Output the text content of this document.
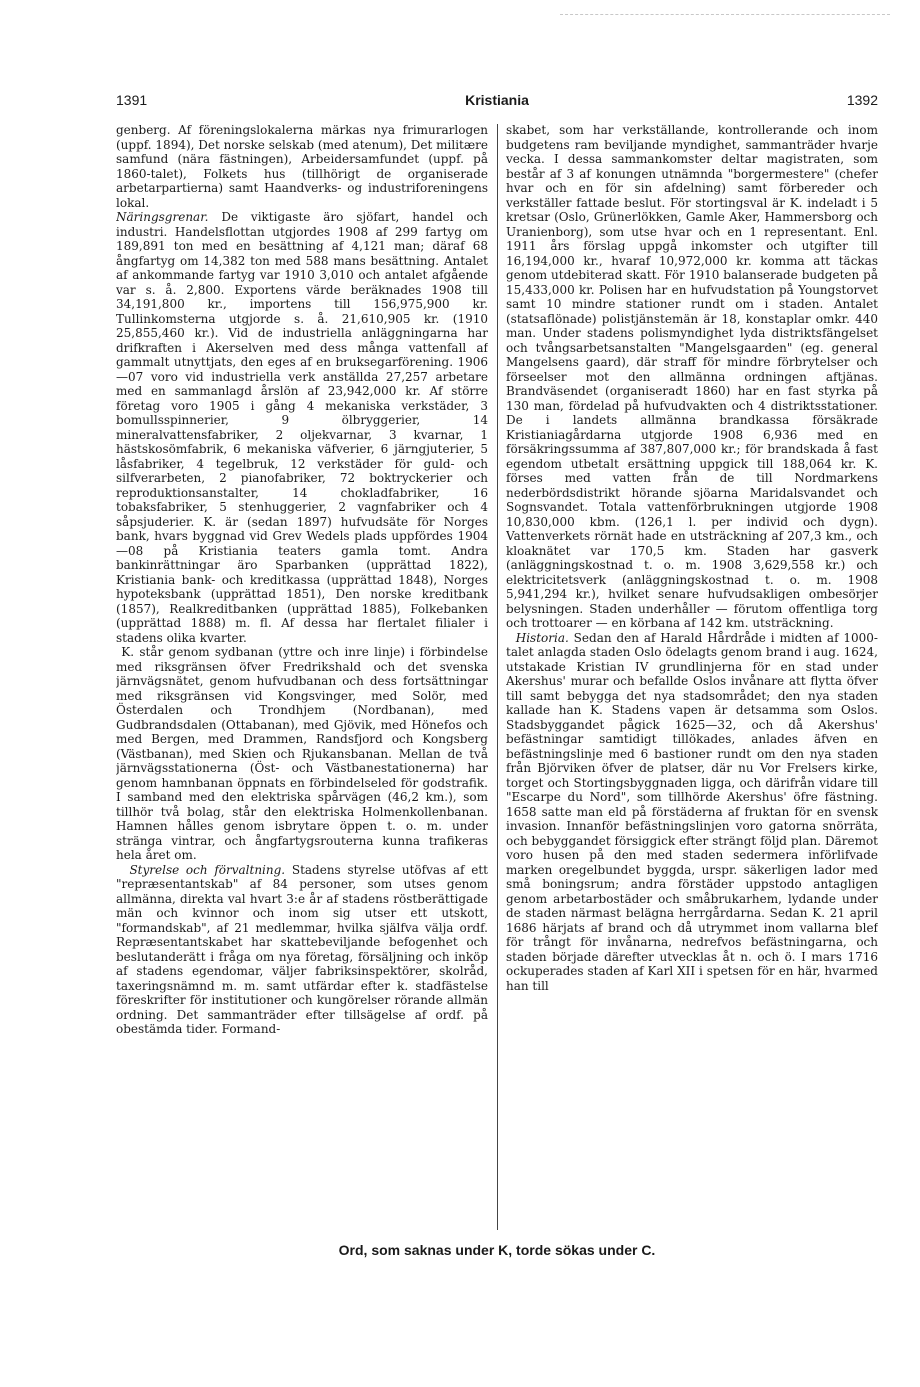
1391	Kristiania	1392

genberg. Af föreningslokalerna märkas nya frimurarlogen (uppf. 1894), Det norske selskab (med atenum), Det militære samfund (nära fästningen), Arbeidersamfundet (uppf. på 1860-talet), Folkets hus (tillhörigt de organiserade arbetarpartierna) samt Haandverks- og industriforeningens lokal.

Näringsgrenar. De viktigaste äro sjöfart, handel och industri. Handelsflottan utgjordes 1908 af 299 fartyg om 189,891 ton med en besättning af 4,121 man; däraf 68 ångfartyg om 14,382 ton med 588 mans besättning. Antalet af ankommande fartyg var 1910 3,010 och antalet afgående var s. å. 2,800. Exportens värde beräknades 1908 till 34,191,800 kr., importens till 156,975,900 kr. Tullinkomsterna utgjorde s. å. 21,610,905 kr. (1910 25,855,460 kr.). Vid de industriella anläggningarna har drifkraften i Akerselven med dess många vattenfall af gammalt utnyttjats, den eges af en bruksegarförening. 1906—07 voro vid industriella verk anställda 27,257 arbetare med en sammanlagd årslön af 23,942,000 kr. Af större företag voro 1905 i gång 4 mekaniska verkstäder, 3 bomullsspinnerier, 9 ölbryggerier, 14 mineralvattensfabriker, 2 oljekvarnar, 3 kvarnar, 1 hästskosömfabrik, 6 mekaniska väfverier, 6 järngjuterier, 5 låsfabriker, 4 tegelbruk, 12 verkstäder för guld- och silfverarbeten, 2 pianofabriker, 72 boktryckerier och reproduktionsanstalter, 14 chokladfabriker, 16 tobaksfabriker, 5 stenhuggerier, 2 vagnfabriker och 4 såpsjuderier. K. är (sedan 1897) hufvudsäte för Norges bank, hvars byggnad vid Grev Wedels plads uppfördes 1904—08 på Kristiania teaters gamla tomt. Andra bankinrättningar äro Sparbanken (upprättad 1822), Kristiania bank- och kreditkassa (upprättad 1848), Norges hypoteksbank (upprättad 1851), Den norske kreditbank (1857), Realkreditbanken (upprättad 1885), Folkebanken (upprättad 1888) m. fl. Af dessa har flertalet filialer i stadens olika kvarter.

K. står genom sydbanan (yttre och inre linje) i förbindelse med riksgränsen öfver Fredrikshald och det svenska järnvägsnätet, genom hufvudbanan och dess fortsättningar med riksgränsen vid Kongsvinger, med Solör, med Österdalen och Trondhjem (Nordbanan), med Gudbrandsdalen (Ottabanan), med Gjövik, med Hönefos och med Bergen, med Drammen, Randsfjord och Kongsberg (Västbanan), med Skien och Rjukansbanan. Mellan de två järnvägsstationerna (Öst- och Västbanestationerna) har genom hamnbanan öppnats en förbindelseled för godstrafik. I samband med den elektriska spårvägen (46,2 km.), som tillhör två bolag, står den elektriska Holmenkollenbanan. Hamnen hålles genom isbrytare öppen t. o. m. under stränga vintrar, och ångfartygsrouterna kunna trafikeras hela året om.

Styrelse och förvaltning. Stadens styrelse utöfvas af ett "repræsentantskab" af 84 personer, som utses genom allmänna, direkta val hvart 3:e år af stadens röstberättigade män och kvinnor och inom sig utser ett utskott, "formandskab", af 21 medlemmar, hvilka själfva välja ordf. Repræsentantskabet har skattebeviljande befogenhet och beslutanderätt i fråga om nya företag, försäljning och inköp af stadens egendomar, väljer fabriksinspektörer, skolråd, taxeringsnämnd m. m. samt utfärdar efter k. stadfästelse föreskrifter för institutioner och kungörelser rörande allmän ordning. Det sammanträder efter tillsägelse af ordf. på obestämda tider. Formand-

skabet, som har verkställande, kontrollerande och inom budgetens ram beviljande myndighet, sammanträder hvarje vecka. I dessa sammankomster deltar magistraten, som består af 3 af konungen utnämnda "borgermestere" (chefer hvar och en för sin afdelning) samt förbereder och verkställer fattade beslut. För stortingsval är K. indeladt i 5 kretsar (Oslo, Grünerlökken, Gamle Aker, Hammersborg och Uranienborg), som utse hvar och en 1 representant. Enl. 1911 års förslag uppgå inkomster och utgifter till 16,194,000 kr., hvaraf 10,972,000 kr. komma att täckas genom utdebiterad skatt. För 1910 balanserade budgeten på 15,433,000 kr. Polisen har en hufvudstation på Youngstorvet samt 10 mindre stationer rundt om i staden. Antalet (statsaflönade) polistjänstemän är 18, konstaplar omkr. 440 man. Under stadens polismyndighet lyda distriktsfängelset och tvångsarbetsanstalten "Mangelsgaarden" (eg. general Mangelsens gaard), där straff för mindre förbrytelser och förseelser mot den allmänna ordningen aftjänas. Brandväsendet (organiseradt 1860) har en fast styrka på 130 man, fördelad på hufvudvakten och 4 distriktsstationer. De i landets allmänna brandkassa försäkrade Kristianiagårdarna utgjorde 1908 6,936 med en försäkringssumma af 387,807,000 kr.; för brandskada å fast egendom utbetalt ersättning uppgick till 188,064 kr. K. förses med vatten från de till Nordmarkens nederbördsdistrikt hörande sjöarna Maridalsvandet och Sognsvandet. Totala vattenförbrukningen utgjorde 1908 10,830,000 kbm. (126,1 l. per individ och dygn). Vattenverkets rörnät hade en utsträckning af 207,3 km., och kloaknätet var 170,5 km. Staden har gasverk (anläggningskostnad t. o. m. 1908 3,629,558 kr.) och elektricitetsverk (anläggningskostnad t. o. m. 1908 5,941,294 kr.), hvilket senare hufvudsakligen ombesörjer belysningen. Staden underhåller — förutom offentliga torg och trottoarer — en körbana af 142 km. utsträckning.

Historia. Sedan den af Harald Hårdråde i midten af 1000-talet anlagda staden Oslo ödelagts genom brand i aug. 1624, utstakade Kristian IV grundlinjerna för en stad under Akershus' murar och befallde Oslos invånare att flytta öfver till samt bebygga det nya stadsområdet; den nya staden kallade han K. Stadens vapen är detsamma som Oslos. Stadsbyggandet pågick 1625—32, och då Akershus' befästningar samtidigt tillökades, anlades äfven en befästningslinje med 6 bastioner rundt om den nya staden från Björviken öfver de platser, där nu Vor Frelsers kirke, torget och Stortingsbyggnaden ligga, och därifrån vidare till "Escarpe du Nord", som tillhörde Akershus' öfre fästning. 1658 satte man eld på förstäderna af fruktan för en svensk invasion. Innanför befästningslinjen voro gatorna snörräta, och bebyggandet försiggick efter strängt följd plan. Däremot voro husen på den med staden sedermera införlifvade marken oregelbundet byggda, urspr. säkerligen lador med små boningsrum; andra förstäder uppstodo antagligen genom arbetarbostäder och småbrukarhem, lydande under de staden närmast belägna herrgårdarna. Sedan K. 21 april 1686 härjats af brand och då utrymmet inom vallarna blef för trångt för invånarna, nedrefvos befästningarna, och staden började därefter utvecklas åt n. och ö. I mars 1716 ockuperades staden af Karl XII i spetsen för en här, hvarmed han till

Ord, som saknas under K, torde sökas under C.
